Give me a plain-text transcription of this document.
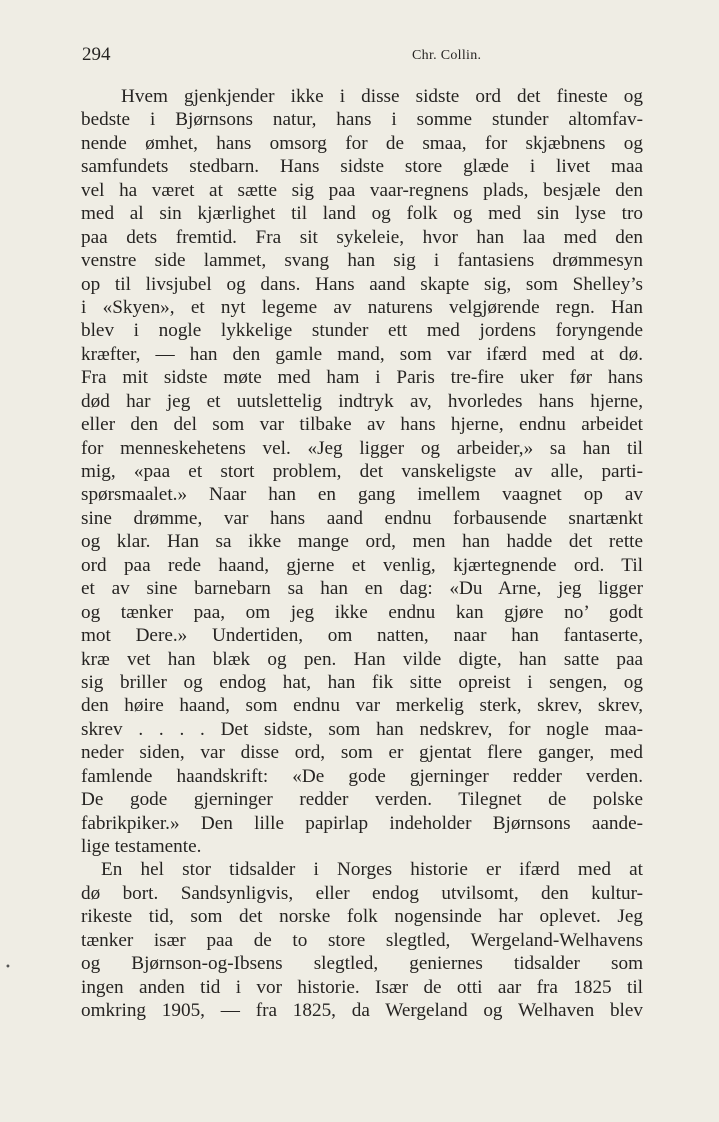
294	Chr. Collin.
•
Hvem gjenkjender ikke i disse sidste ord det fineste og
bedste i Bjørnsons natur, hans i somme stunder altomfav-
nende ømhet, hans omsorg for de smaa, for skjæbnens og
samfundets stedbarn. Hans sidste store glæde i livet maa
vel ha været at sætte sig paa vaar-regnens plads, besjæle den
med al sin kjærlighet til land og folk og med sin lyse tro
paa dets fremtid. Fra sit sykeleie, hvor han laa med den
venstre side lammet, svang han sig i fantasiens drømmesyn
op til livsjubel og dans. Hans aand skapte sig, som Shelley’s
i «Skyen», et nyt legeme av naturens velgjørende regn. Han
blev i nogle lykkelige stunder ett med jordens foryngende
kræfter, — han den gamle mand, som var ifærd med at dø.
Fra mit sidste møte med ham i Paris tre-fire uker før hans
død har jeg et uutslettelig indtryk av, hvorledes hans hjerne,
eller den del som var tilbake av hans hjerne, endnu arbeidet
for menneskehetens vel. «Jeg ligger og arbeider,» sa han til
mig, «paa et stort problem, det vanskeligste av alle, parti-
spørsmaalet.» Naar han en gang imellem vaagnet op av
sine drømme, var hans aand endnu forbausende snartænkt
og klar. Han sa ikke mange ord, men han hadde det rette
ord paa rede haand, gjerne et venlig, kjærtegnende ord. Til
et av sine barnebarn sa han en dag: «Du Arne, jeg ligger
og tænker paa, om jeg ikke endnu kan gjøre no’ godt
mot Dere.» Undertiden, om natten, naar han fantaserte,
kræ vet han blæk og pen. Han vilde digte, han satte paa
sig briller og endog hat, han fik sitte opreist i sengen, og
den høire haand, som endnu var merkelig sterk, skrev, skrev,
skrev . . . . Det sidste, som han nedskrev, for nogle maa-
neder siden, var disse ord, som er gjentat flere ganger, med
famlende haandskrift: «De gode gjerninger redder verden.
De gode gjerninger redder verden. Tilegnet de polske
fabrikpiker.» Den lille papirlap indeholder Bjørnsons aande-
lige testamente.
En hel stor tidsalder i Norges historie er ifærd med at
dø bort. Sandsynligvis, eller endog utvilsomt, den kultur-
rikeste tid, som det norske folk nogensinde har oplevet. Jeg
tænker især paa de to store slegtled, Wergeland-Welhavens
og Bjørnson-og-Ibsens slegtled, geniernes tidsalder som
ingen anden tid i vor historie. Især de otti aar fra 1825 til
omkring 1905, — fra 1825, da Wergeland og Welhaven blev
